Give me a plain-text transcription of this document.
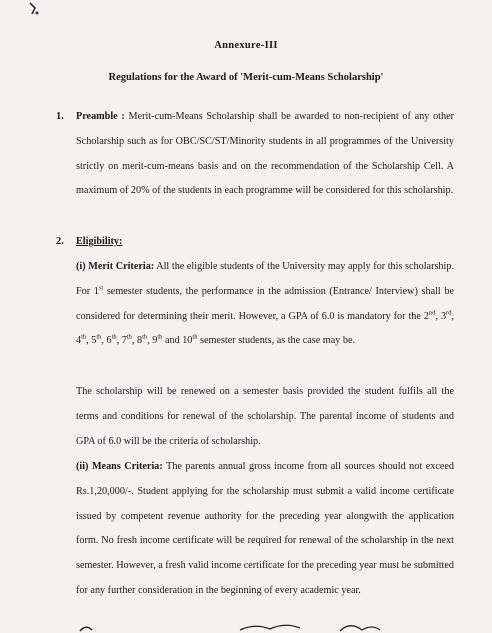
Annexure-III
Regulations for the Award of 'Merit-cum-Means Scholarship'
1. Preamble : Merit-cum-Means Scholarship shall be awarded to non-recipient of any other Scholarship such as for OBC/SC/ST/Minority students in all programmes of the University strictly on merit-cum-means basis and on the recommendation of the Scholarship Cell. A maximum of 20% of the students in each programme will be considered for this scholarship.
2. Eligibility:
(i) Merit Criteria: All the eligible students of the University may apply for this scholarship. For 1st semester students, the performance in the admission (Entrance/ Interview) shall be considered for determining their merit. However, a GPA of 6.0 is mandatory for the 2nd, 3rd, 4th, 5th, 6th, 7th, 8th, 9th and 10th semester students, as the case may be.
The scholarship will be renewed on a semester basis provided the student fulfils all the terms and conditions for renewal of the scholarship. The parental income of students and GPA of 6.0 will be the criteria of scholarship.
(ii) Means Criteria: The parents annual gross income from all sources should not exceed Rs.1,20,000/-. Student applying for the scholarship must submit a valid income certificate issued by competent revenue authority for the preceding year alongwith the application form. No fresh income certificate will be required for renewal of the scholarship in the next semester. However, a fresh valid income certificate for the preceding year must be submitted for any further consideration in the beginning of every academic year.
